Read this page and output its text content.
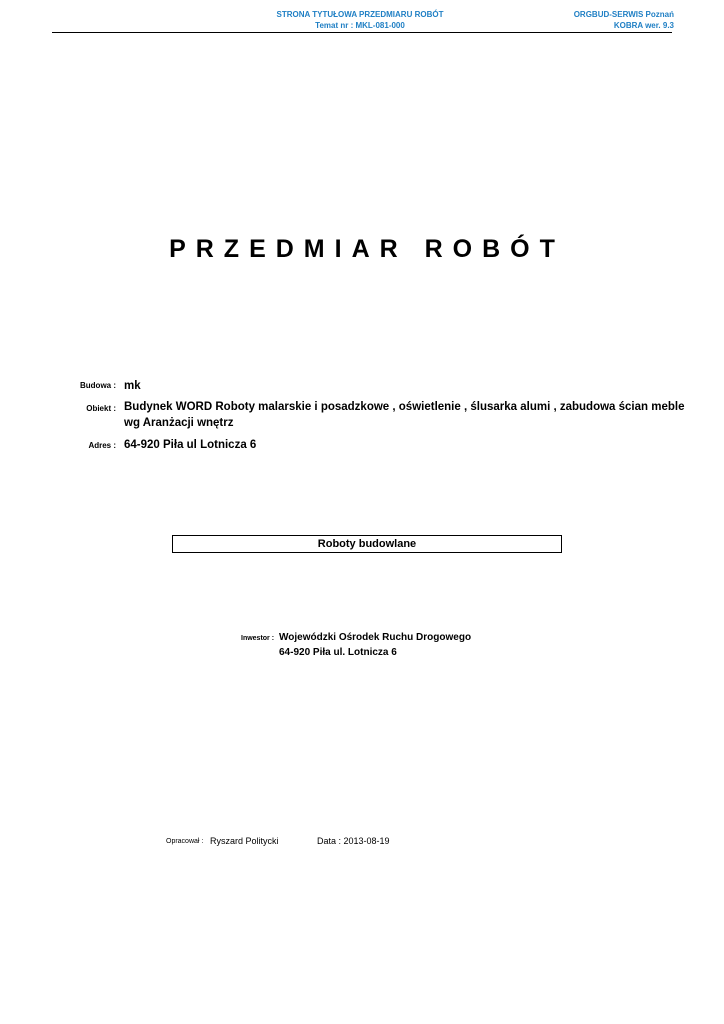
STRONA TYTUŁOWA PRZEDMIARU ROBÓT
Temat nr : MKL-081-000
ORGBUD-SERWIS Poznań
KOBRA wer. 9.3
PRZEDMIAR ROBÓT
Budowa : mk
Obiekt : Budynek WORD Roboty malarskie i posadzkowe , oświetlenie , ślusarka alumi , zabudowa ścian meble
wg Aranżacji wnętrz
Adres : 64-920 Piła ul Lotnicza 6
Roboty budowlane
Inwestor : Wojewódzki Ośrodek Ruchu Drogowego
64-920 Piła ul. Lotnicza 6
Opracował : Ryszard Politycki	Data : 2013-08-19
